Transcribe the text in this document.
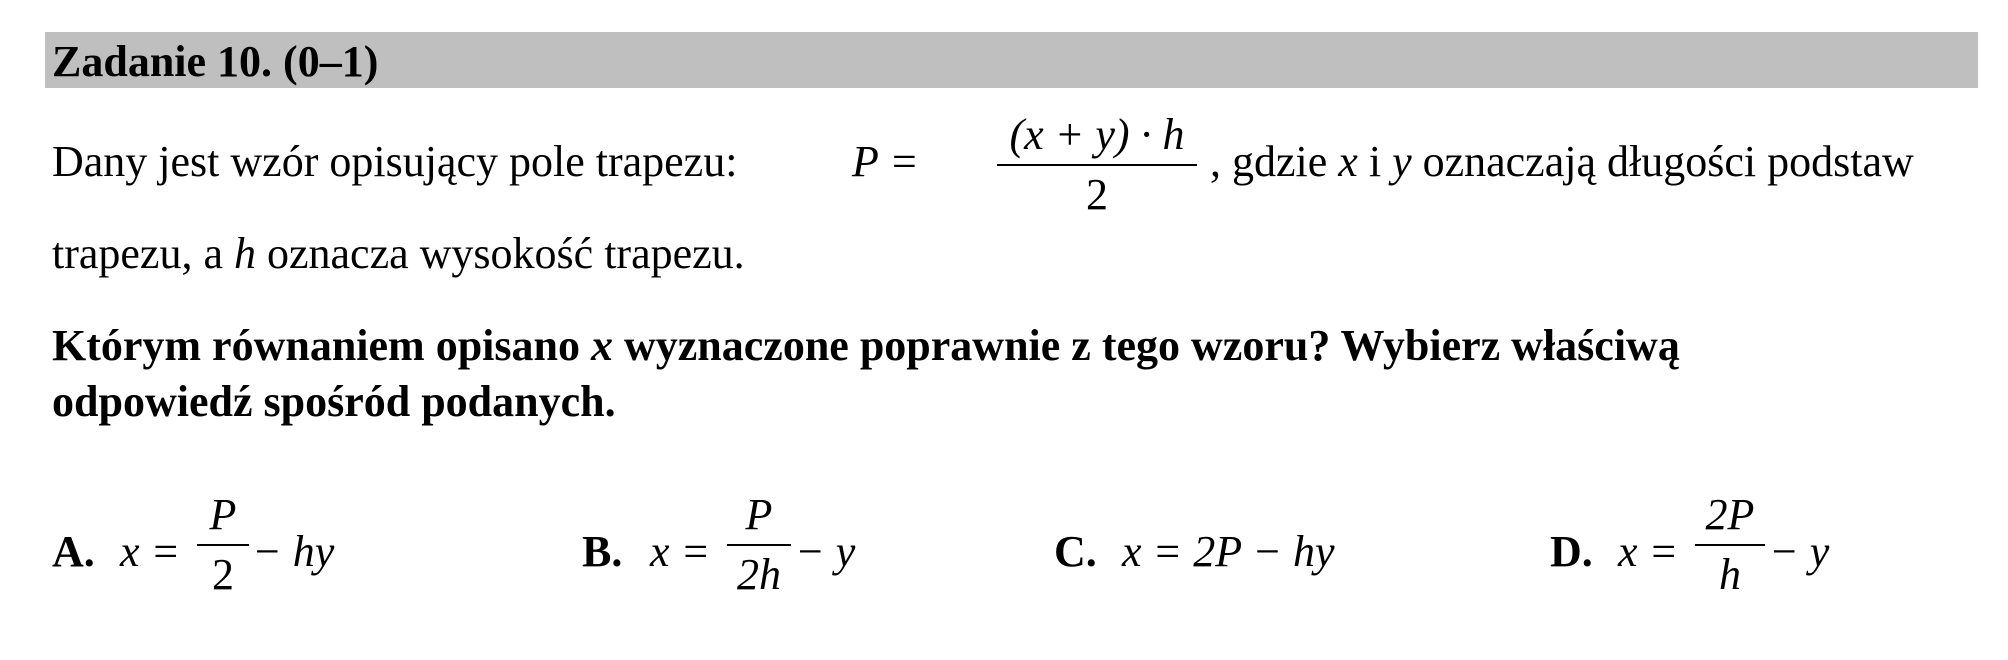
Zadanie 10. (0–1)
Dany jest wzór opisujący pole trapezu:	P =
(x + y) · h
2
, gdzie x i y oznaczają długości podstaw
trapezu, a h oznacza wysokość trapezu.
Którym równaniem opisano x wyznaczone poprawnie z tego wzoru? Wybierz właściwą
odpowiedź spośród podanych.
A. x =
P
2 − hy	B. x =
P
2h − y	C. x = 2P − hy	D. x =
2P
h − y
